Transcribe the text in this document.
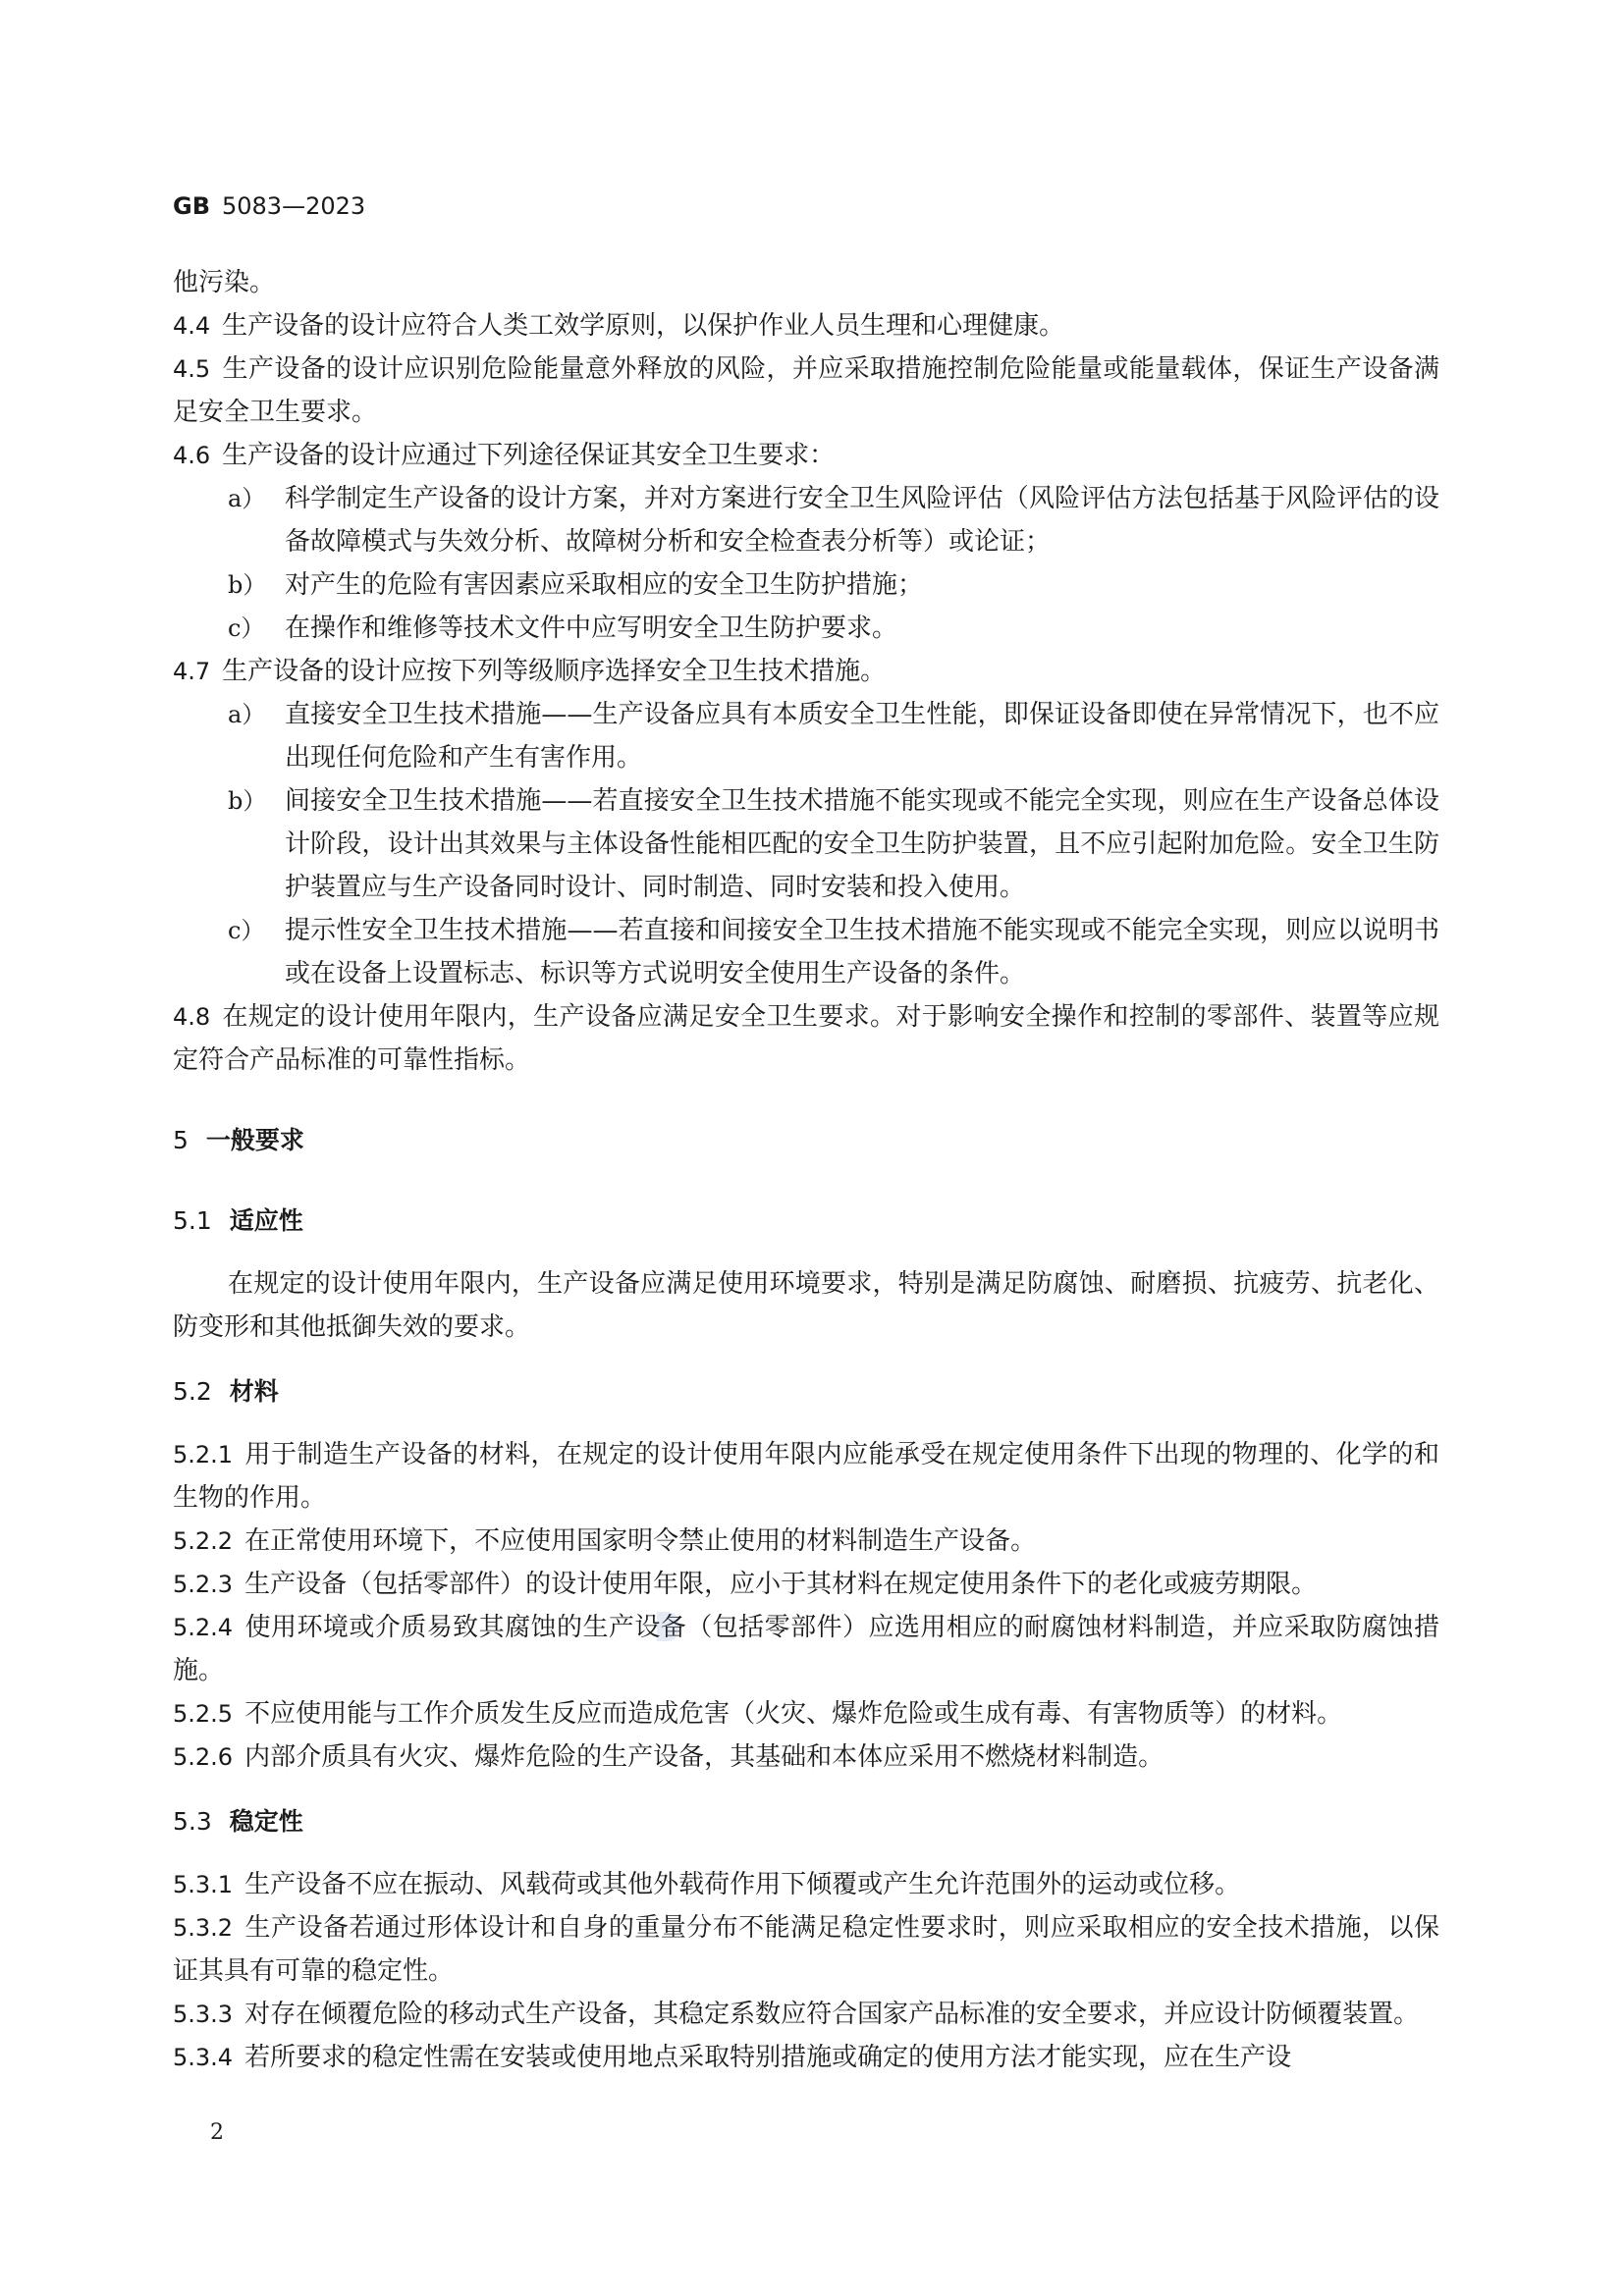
GB 5083—2023

他污染。

4.4 生产设备的设计应符合人类工效学原则，以保护作业人员生理和心理健康。

4.5 生产设备的设计应识别危险能量意外释放的风险，并应采取措施控制危险能量或能量载体，保证生产设备满足安全卫生要求。

4.6 生产设备的设计应通过下列途径保证其安全卫生要求：

a） 科学制定生产设备的设计方案，并对方案进行安全卫生风险评估（风险评估方法包括基于风险评估的设备故障模式与失效分析、故障树分析和安全检查表分析等）或论证；
b） 对产生的危险有害因素应采取相应的安全卫生防护措施；
c） 在操作和维修等技术文件中应写明安全卫生防护要求。

4.7 生产设备的设计应按下列等级顺序选择安全卫生技术措施。

a） 直接安全卫生技术措施——生产设备应具有本质安全卫生性能，即保证设备即使在异常情况下，也不应出现任何危险和产生有害作用。
b） 间接安全卫生技术措施——若直接安全卫生技术措施不能实现或不能完全实现，则应在生产设备总体设计阶段，设计出其效果与主体设备性能相匹配的安全卫生防护装置，且不应引起附加危险。安全卫生防护装置应与生产设备同时设计、同时制造、同时安装和投入使用。
c） 提示性安全卫生技术措施——若直接和间接安全卫生技术措施不能实现或不能完全实现，则应以说明书或在设备上设置标志、标识等方式说明安全使用生产设备的条件。

4.8 在规定的设计使用年限内，生产设备应满足安全卫生要求。对于影响安全操作和控制的零部件、装置等应规定符合产品标准的可靠性指标。

5 一般要求
5.1 适应性

在规定的设计使用年限内，生产设备应满足使用环境要求，特别是满足防腐蚀、耐磨损、抗疲劳、抗老化、防变形和其他抵御失效的要求。

5.2 材料

5.2.1 用于制造生产设备的材料，在规定的设计使用年限内应能承受在规定使用条件下出现的物理的、化学的和生物的作用。

5.2.2 在正常使用环境下，不应使用国家明令禁止使用的材料制造生产设备。

5.2.3 生产设备（包括零部件）的设计使用年限，应小于其材料在规定使用条件下的老化或疲劳期限。

5.2.4 使用环境或介质易致其腐蚀的生产设备（包括零部件）应选用相应的耐腐蚀材料制造，并应采取防腐蚀措施。

5.2.5 不应使用能与工作介质发生反应而造成危害（火灾、爆炸危险或生成有毒、有害物质等）的材料。

5.2.6 内部介质具有火灾、爆炸危险的生产设备，其基础和本体应采用不燃烧材料制造。

5.3 稳定性

5.3.1 生产设备不应在振动、风载荷或其他外载荷作用下倾覆或产生允许范围外的运动或位移。

5.3.2 生产设备若通过形体设计和自身的重量分布不能满足稳定性要求时，则应采取相应的安全技术措施，以保证其具有可靠的稳定性。

5.3.3 对存在倾覆危险的移动式生产设备，其稳定系数应符合国家产品标准的安全要求，并应设计防倾覆装置。

5.3.4 若所要求的稳定性需在安装或使用地点采取特别措施或确定的使用方法才能实现，应在生产设

2
